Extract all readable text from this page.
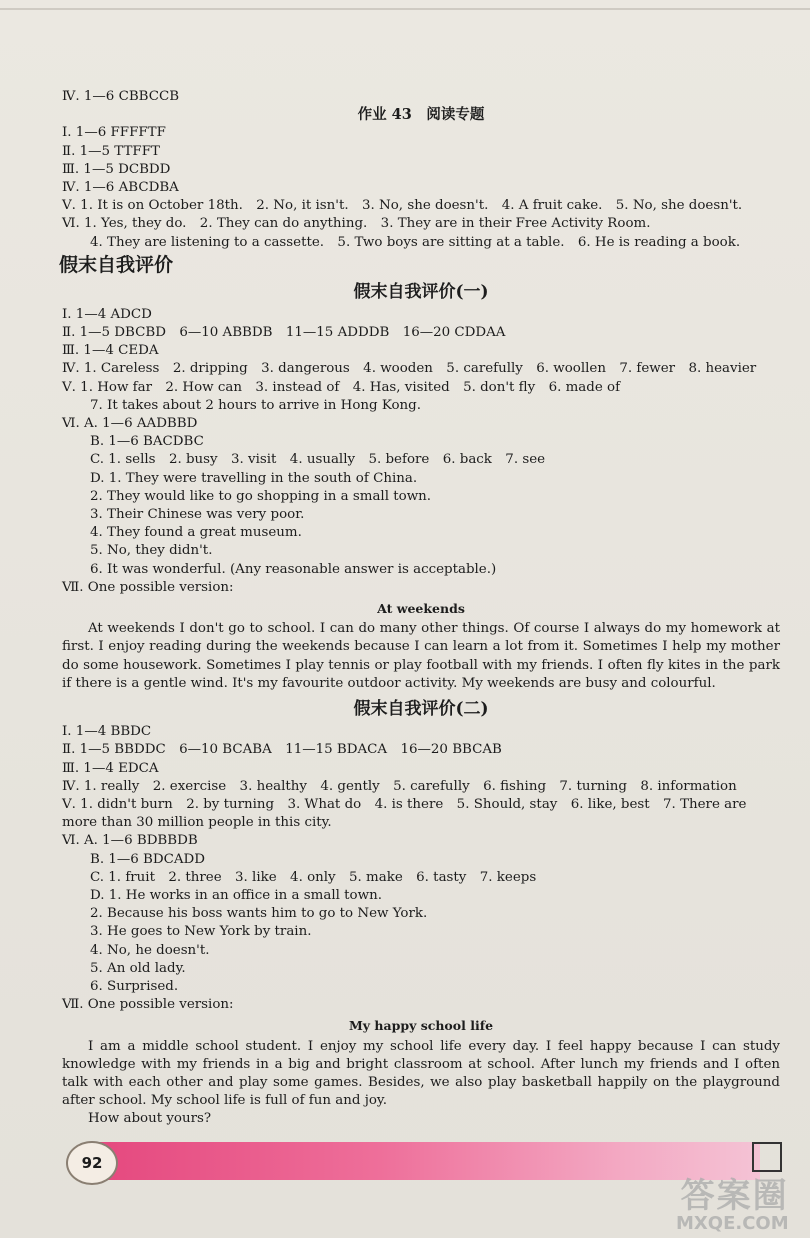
Ⅳ. 1—6 CBBCCB
作业 43　阅读专题
Ⅰ. 1—6 FFFFTF
Ⅱ. 1—5 TTFFT
Ⅲ. 1—5 DCBDD
Ⅳ. 1—6 ABCDBA
Ⅴ. 1. It is on October 18th.　2. No, it isn't.　3. No, she doesn't.　4. A fruit cake.　5. No, she doesn't.
Ⅵ. 1. Yes, they do.　2. They can do anything.　3. They are in their Free Activity Room.
4. They are listening to a cassette.　5. Two boys are sitting at a table.　6. He is reading a book.
假末自我评价
假末自我评价(一)
Ⅰ. 1—4 ADCD
Ⅱ. 1—5 DBCBD　6—10 ABBDB　11—15 ADDDB　16—20 CDDAA
Ⅲ. 1—4 CEDA
Ⅳ. 1. Careless　2. dripping　3. dangerous　4. wooden　5. carefully　6. woollen　7. fewer　8. heavier
Ⅴ. 1. How far　2. How can　3. instead of　4. Has, visited　5. don't fly　6. made of
7. It takes about 2 hours to arrive in Hong Kong.
Ⅵ. A. 1—6 AADBBD
B. 1—6 BACDBC
C. 1. sells　2. busy　3. visit　4. usually　5. before　6. back　7. see
D. 1. They were travelling in the south of China.
2. They would like to go shopping in a small town.
3. Their Chinese was very poor.
4. They found a great museum.
5. No, they didn't.
6. It was wonderful. (Any reasonable answer is acceptable.)
Ⅶ. One possible version:
At weekends

At weekends I don't go to school. I can do many other things. Of course I always do my homework at first. I enjoy reading during the weekends because I can learn a lot from it. Sometimes I help my mother do some housework. Sometimes I play tennis or play football with my friends. I often fly kites in the park if there is a gentle wind. It's my favourite outdoor activity. My weekends are busy and colourful.

假末自我评价(二)
Ⅰ. 1—4 BBDC
Ⅱ. 1—5 BBDDC　6—10 BCABA　11—15 BDACA　16—20 BBCAB
Ⅲ. 1—4 EDCA
Ⅳ. 1. really　2. exercise　3. healthy　4. gently　5. carefully　6. fishing　7. turning　8. information
Ⅴ. 1. didn't burn　2. by turning　3. What do　4. is there　5. Should, stay　6. like, best　7. There are
more than 30 million people in this city.
Ⅵ. A. 1—6 BDBBDB
B. 1—6 BDCADD
C. 1. fruit　2. three　3. like　4. only　5. make　6. tasty　7. keeps
D. 1. He works in an office in a small town.
2. Because his boss wants him to go to New York.
3. He goes to New York by train.
4. No, he doesn't.
5. An old lady.
6. Surprised.
Ⅶ. One possible version:
My happy school life

I am a middle school student. I enjoy my school life every day. I feel happy because I can study knowledge with my friends in a big and bright classroom at school. After lunch my friends and I often talk with each other and play some games. Besides, we also play basketball happily on the playground after school. My school life is full of fun and joy.

How about yours?

92
答案圈
MXQE.COM
